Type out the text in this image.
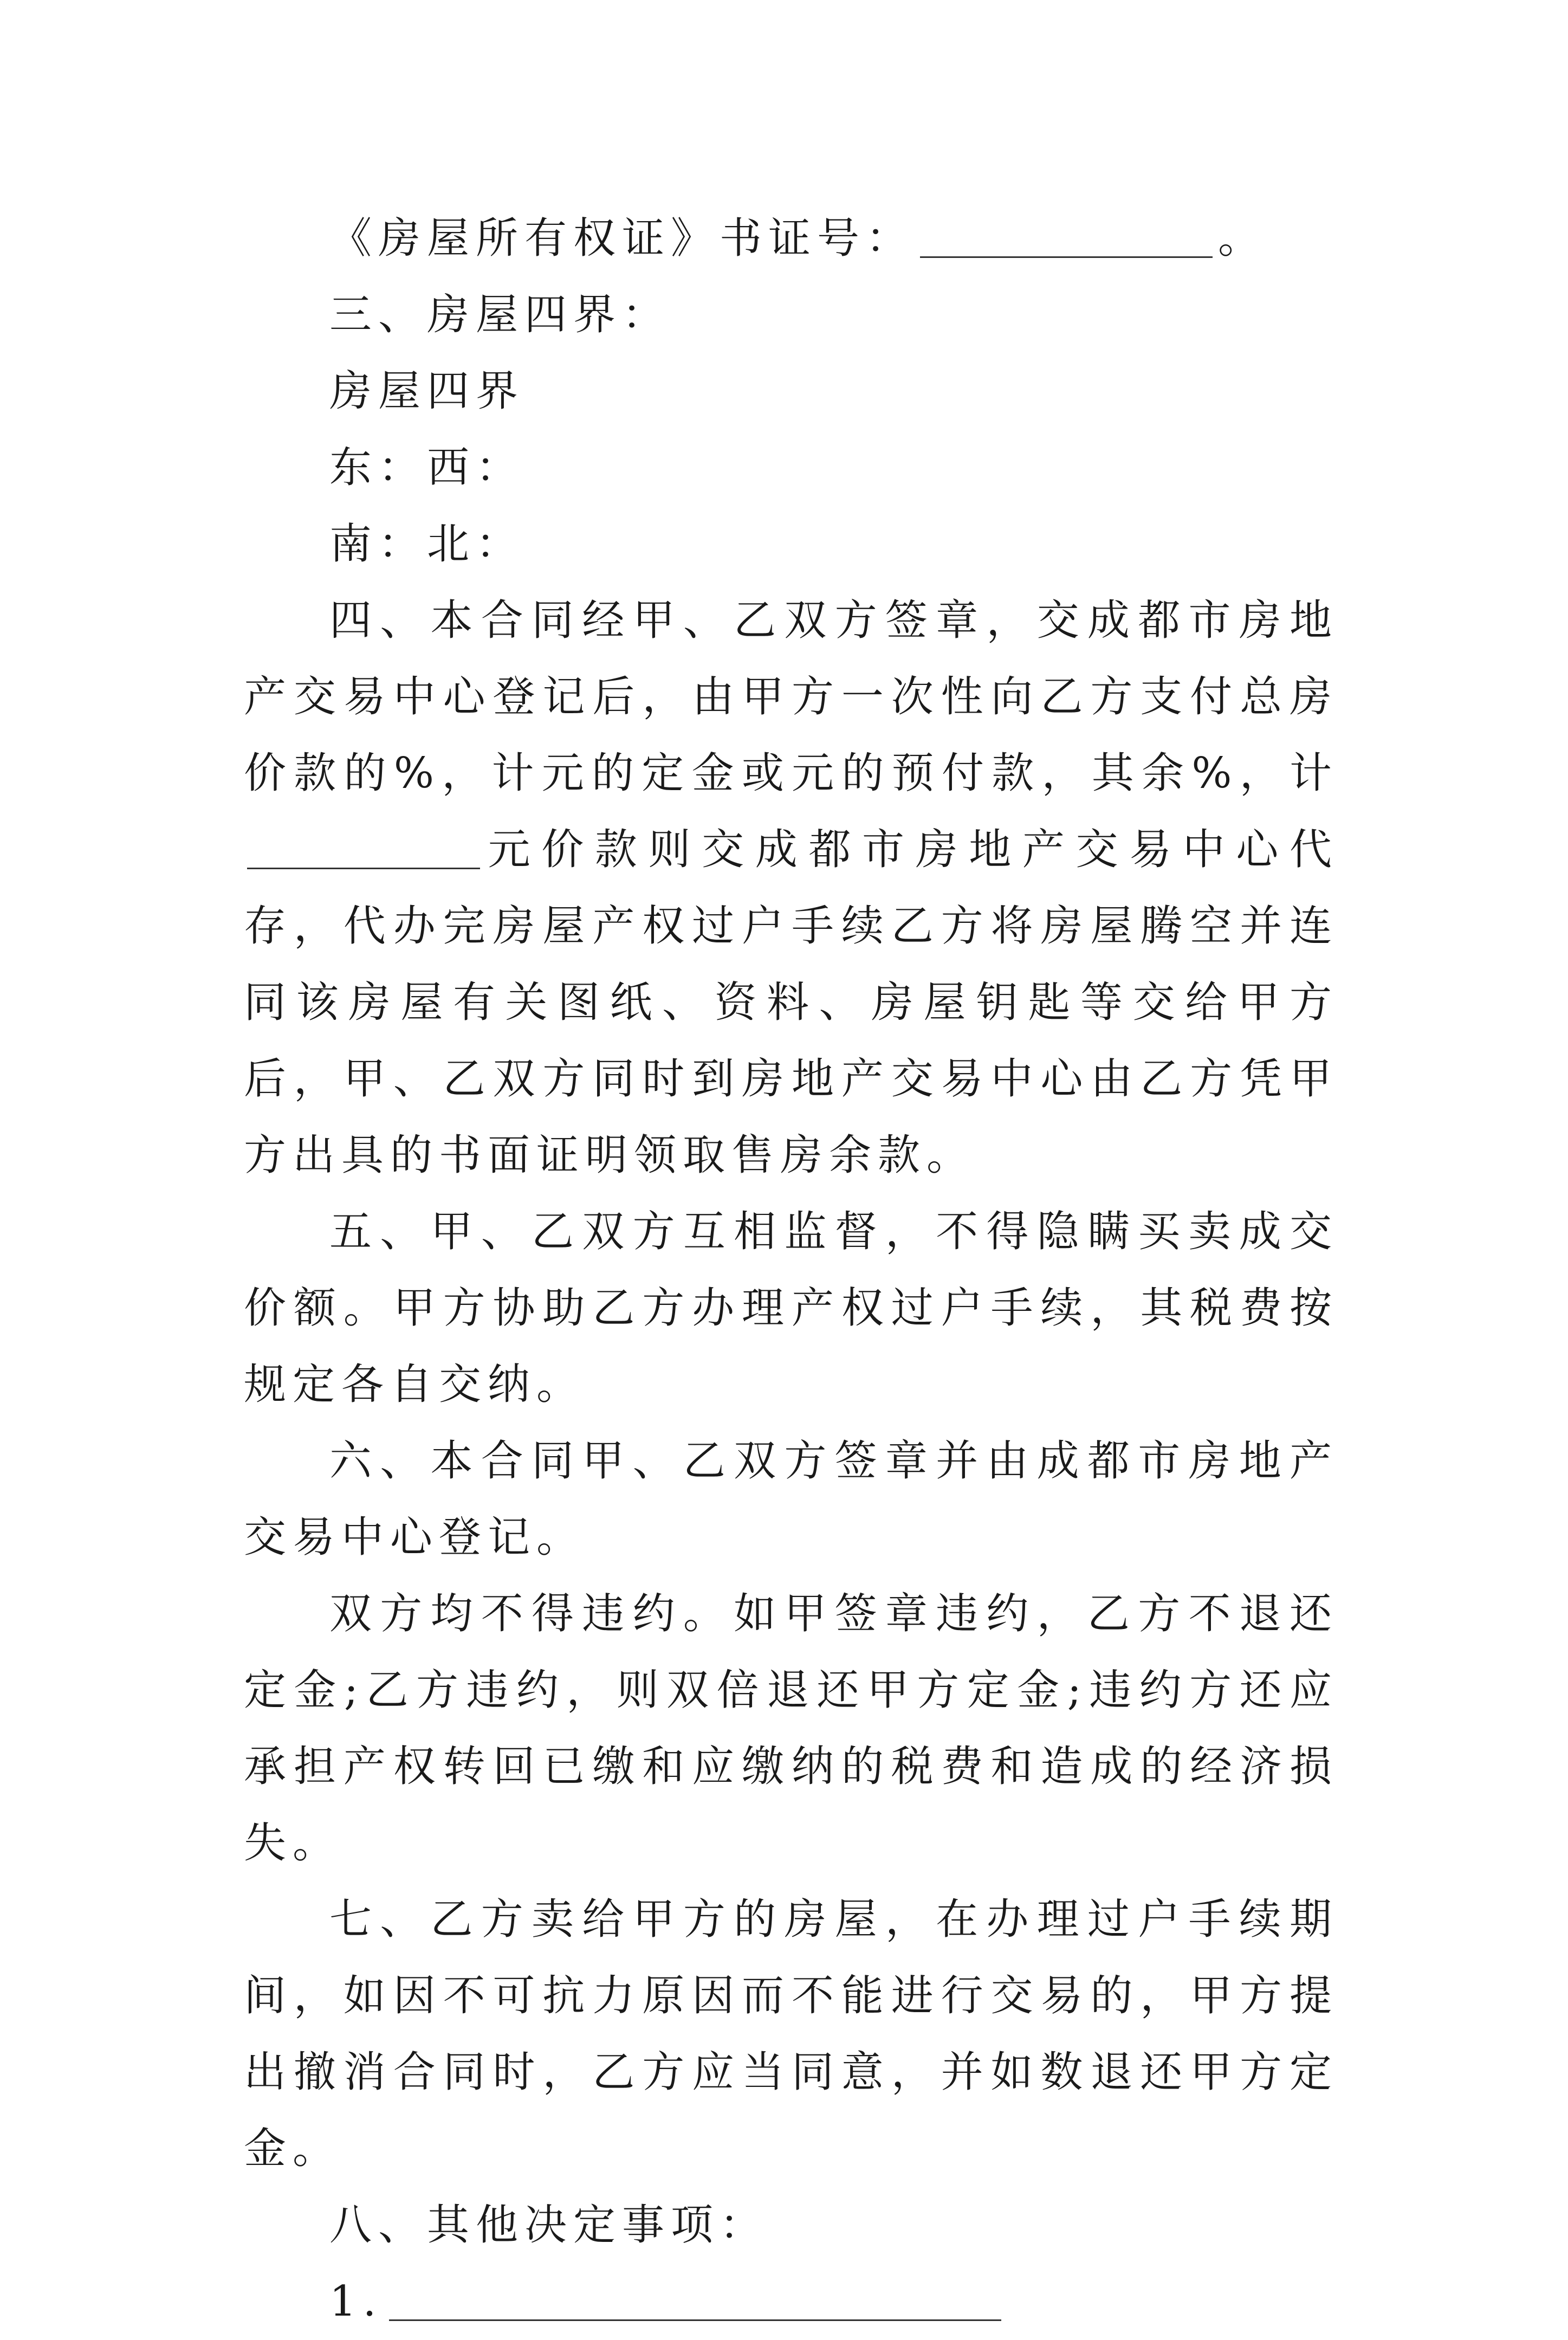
《房屋所有权证》书证号：	。

三、房屋四界：

房屋四界

东：西：

南：北：

四、本合同经甲、乙双方签章，交成都市房地产交易中心登记后，由甲方一次性向乙方支付总房价款的%，计元的定金或元的预付款，其余%，计元价款则交成都市房地产交易中心代存，代办完房屋产权过户手续乙方将房屋腾空并连同该房屋有关图纸、资料、房屋钥匙等交给甲方后，甲、乙双方同时到房地产交易中心由乙方凭甲方出具的书面证明领取售房余款。

五、甲、乙双方互相监督，不得隐瞒买卖成交价额。甲方协助乙方办理产权过户手续，其税费按规定各自交纳。

六、本合同甲、乙双方签章并由成都市房地产交易中心登记。

双方均不得违约。如甲签章违约，乙方不退还定金;乙方违约，则双倍退还甲方定金;违约方还应承担产权转回已缴和应缴纳的税费和造成的经济损失。

七、乙方卖给甲方的房屋，在办理过户手续期间，如因不可抗力原因而不能进行交易的，甲方提出撤消合同时，乙方应当同意，并如数退还甲方定金。

八、其他决定事项：

1.
